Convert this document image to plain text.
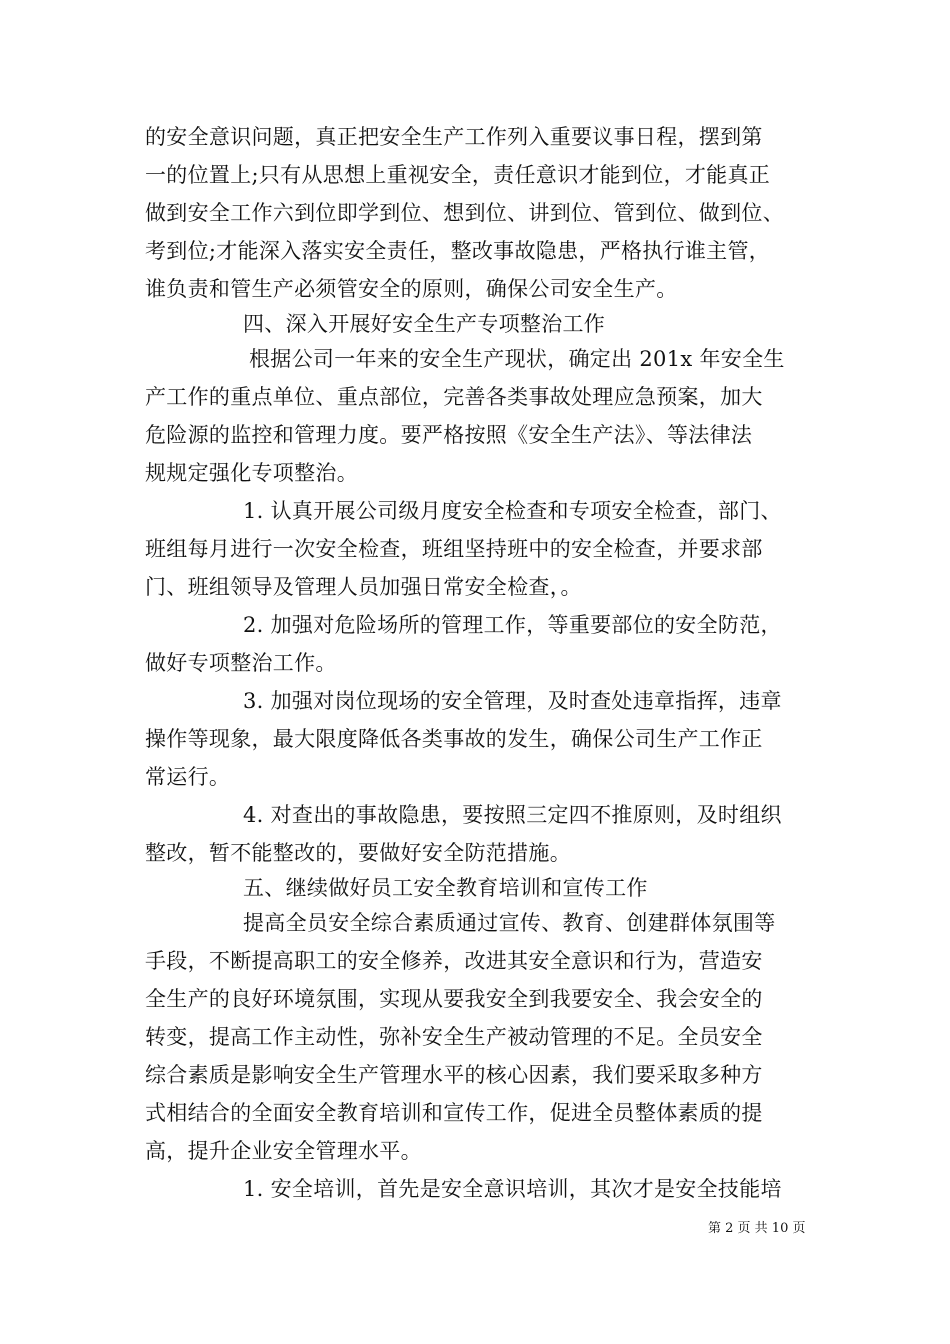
的安全意识问题，真正把安全生产工作列入重要议事日程，摆到第
一的位置上;只有从思想上重视安全，责任意识才能到位，才能真正
做到安全工作六到位即学到位、想到位、讲到位、管到位、做到位、
考到位;才能深入落实安全责任，整改事故隐患，严格执行谁主管，
谁负责和管生产必须管安全的原则，确保公司安全生产。
四、深入开展好安全生产专项整治工作
根据公司一年来的安全生产现状，确定出 201x 年安全生
产工作的重点单位、重点部位，完善各类事故处理应急预案，加大
危险源的监控和管理力度。要严格按照《安全生产法》、等法律法
规规定强化专项整治。
1. 认真开展公司级月度安全检查和专项安全检查，部门、
班组每月进行一次安全检查，班组坚持班中的安全检查，并要求部
门、班组领导及管理人员加强日常安全检查，。
2. 加强对危险场所的管理工作，等重要部位的安全防范，
做好专项整治工作。
3. 加强对岗位现场的安全管理，及时查处违章指挥，违章
操作等现象，最大限度降低各类事故的发生，确保公司生产工作正
常运行。
4. 对查出的事故隐患，要按照三定四不推原则，及时组织
整改，暂不能整改的，要做好安全防范措施。
五、继续做好员工安全教育培训和宣传工作
提高全员安全综合素质通过宣传、教育、创建群体氛围等
手段，不断提高职工的安全修养，改进其安全意识和行为，营造安
全生产的良好环境氛围，实现从要我安全到我要安全、我会安全的
转变，提高工作主动性，弥补安全生产被动管理的不足。全员安全
综合素质是影响安全生产管理水平的核心因素，我们要采取多种方
式相结合的全面安全教育培训和宣传工作，促进全员整体素质的提
高，提升企业安全管理水平。
1. 安全培训，首先是安全意识培训，其次才是安全技能培
第 2 页 共 10 页
